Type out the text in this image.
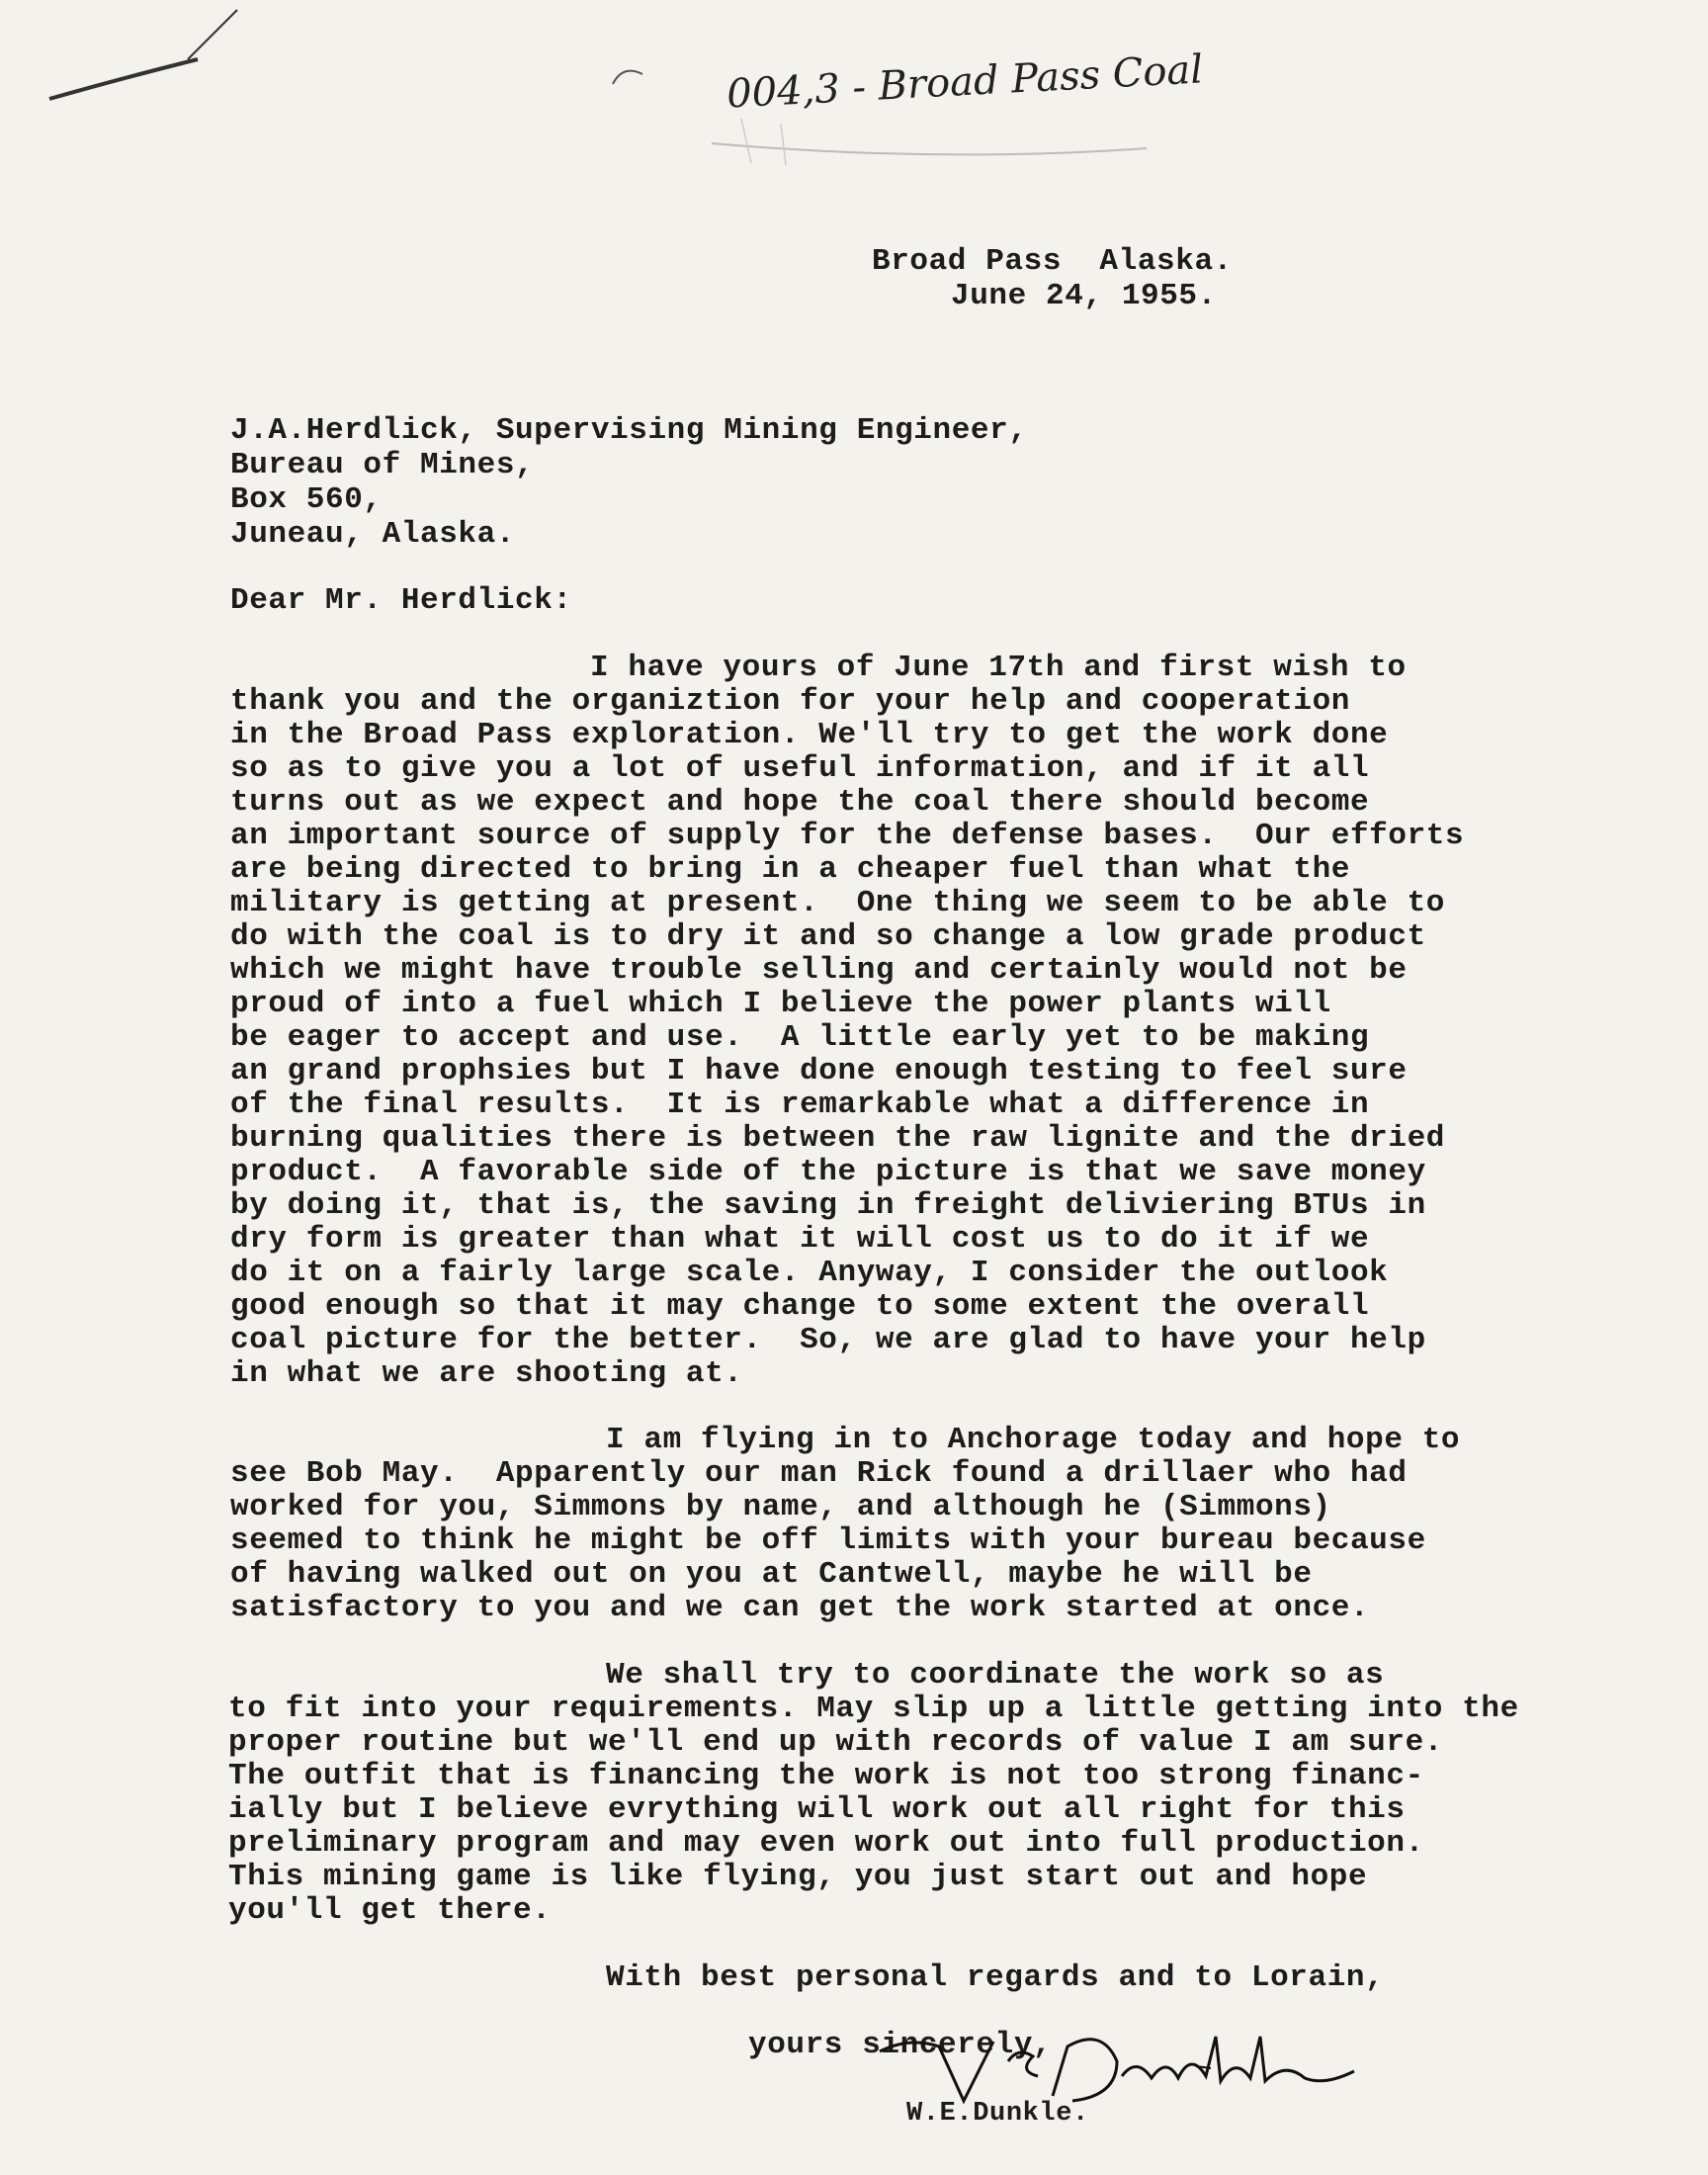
004,3 - Broad Pass Coal
Broad Pass  Alaska.
June 24, 1955.
J.A.Herdlick, Supervising Mining Engineer,
Bureau of Mines,
Box 560,
Juneau, Alaska.
Dear Mr. Herdlick:
I have yours of June 17th and first wish to
thank you and the organiztion for your help and cooperation
in the Broad Pass exploration. We'll try to get the work done
so as to give you a lot of useful information, and if it all
turns out as we expect and hope the coal there should become
an important source of supply for the defense bases.  Our efforts
are being directed to bring in a cheaper fuel than what the
military is getting at present.  One thing we seem to be able to
do with the coal is to dry it and so change a low grade product
which we might have trouble selling and certainly would not be
proud of into a fuel which I believe the power plants will
be eager to accept and use.  A little early yet to be making
an grand prophsies but I have done enough testing to feel sure
of the final results.  It is remarkable what a difference in
burning qualities there is between the raw lignite and the dried
product.  A favorable side of the picture is that we save money
by doing it, that is, the saving in freight deliviering BTUs in
dry form is greater than what it will cost us to do it if we
do it on a fairly large scale. Anyway, I consider the outlook
good enough so that it may change to some extent the overall
coal picture for the better.  So, we are glad to have your help
in what we are shooting at.
I am flying in to Anchorage today and hope to
see Bob May.  Apparently our man Rick found a drillaer who had
worked for you, Simmons by name, and although he (Simmons)
seemed to think he might be off limits with your bureau because
of having walked out on you at Cantwell, maybe he will be
satisfactory to you and we can get the work started at once.
We shall try to coordinate the work so as
to fit into your requirements. May slip up a little getting into the
proper routine but we'll end up with records of value I am sure.
The outfit that is financing the work is not too strong financ-
ially but I believe evrything will work out all right for this
preliminary program and may even work out into full production.
This mining game is like flying, you just start out and hope
you'll get there.
With best personal regards and to Lorain,
yours sincerely,
W.E.Dunkle.
